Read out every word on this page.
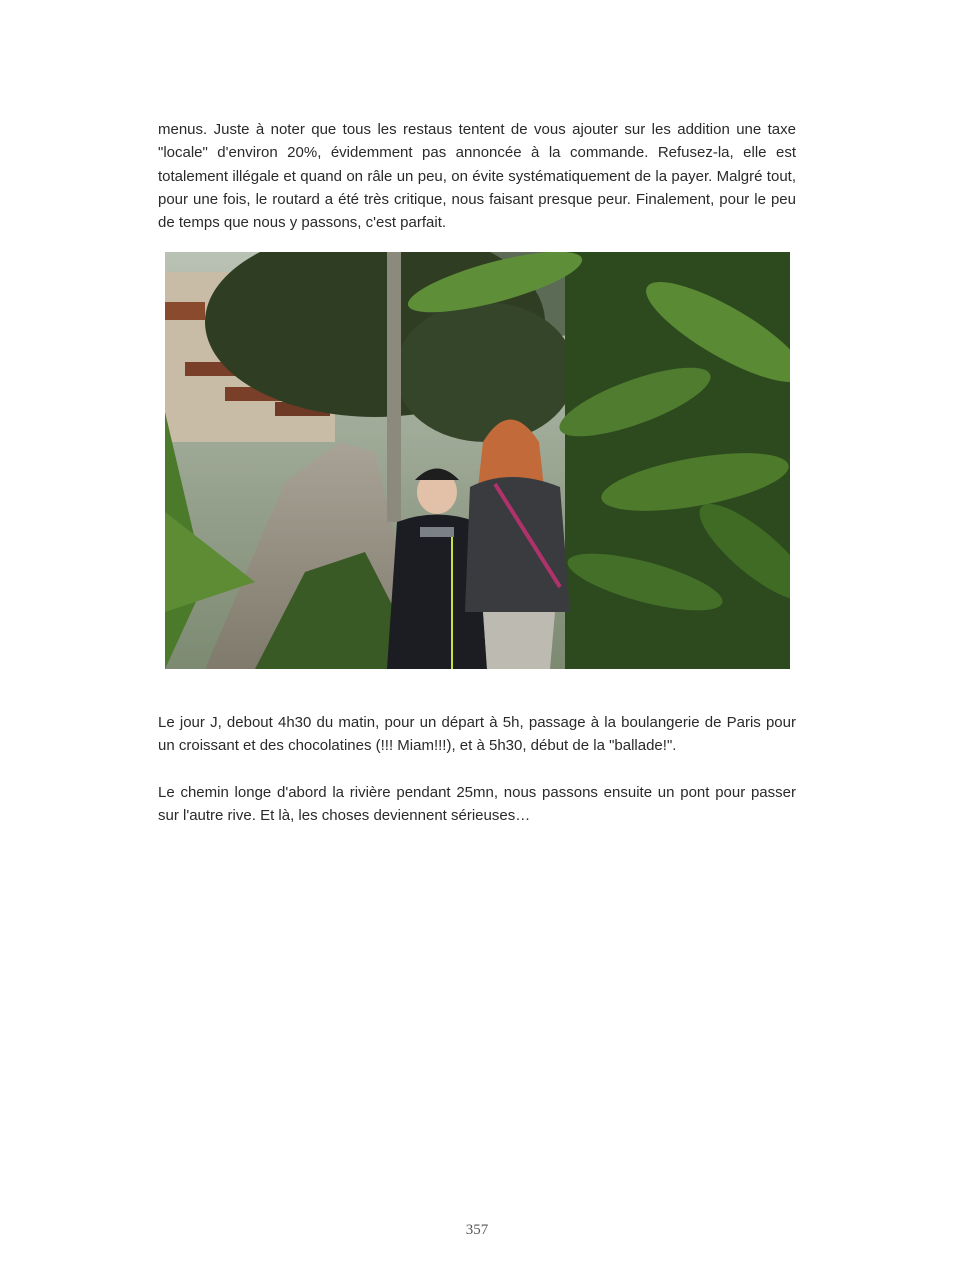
menus. Juste à noter que tous les restaus tentent de vous ajouter sur les addition une taxe "locale" d'environ 20%, évidemment pas annoncée à la commande. Refusez-la, elle est totalement illégale et quand on râle un peu, on évite systématiquement de la payer. Malgré tout, pour une fois, le routard a été très critique, nous faisant presque peur. Finalement, pour le peu de temps que nous y passons, c'est parfait.

Le jour J, debout 4h30 du matin, pour un départ à 5h, passage à la boulangerie de Paris pour un croissant et des chocolatines (!!! Miam!!!), et à 5h30, début de la "ballade!".

Le chemin longe d'abord la rivière pendant 25mn, nous passons ensuite un pont pour passer sur l'autre rive. Et là, les choses deviennent sérieuses…

357
